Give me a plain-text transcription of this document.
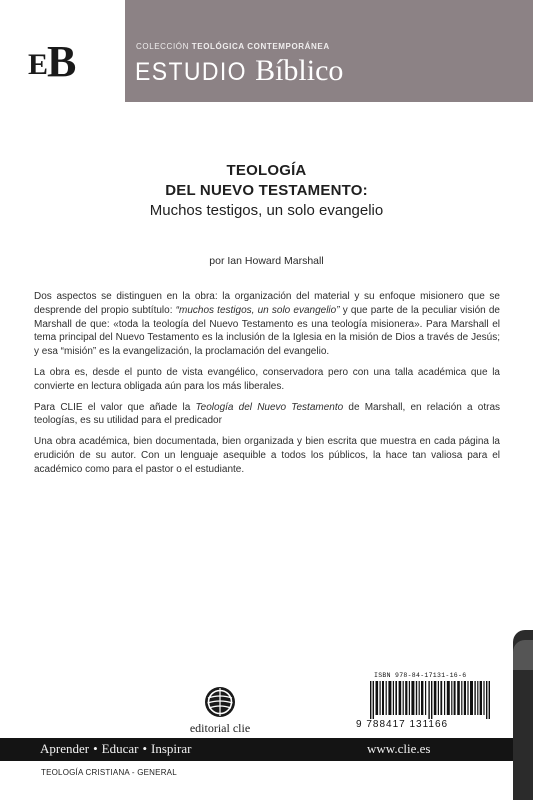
EB	COLECCIÓN TEOLÓGICA CONTEMPORÁNEA
ESTUDIO Bíblico
TEOLOGÍA
DEL NUEVO TESTAMENTO:
Muchos testigos, un solo evangelio
por Ian Howard Marshall

Dos aspectos se distinguen en la obra: la organización del material y su enfoque misionero que se desprende del propio subtítulo: “muchos testigos, un solo evangelio” y que parte de la peculiar visión de Marshall de que: «toda la teología del Nuevo Testamento es una teología misionera». Para Marshall el tema principal del Nuevo Testamento es la inclusión de la Iglesia en la misión de Dios a través de Jesús; y esa “misión” es la evangelización, la proclamación del evangelio.

La obra es, desde el punto de vista evangélico, conservadora pero con una talla académica que la convierte en lectura obligada aún para los más liberales.

Para CLIE el valor que añade la Teología del Nuevo Testamento de Marshall, en relación a otras teologías, es su utilidad para el predicador

Una obra académica, bien documentada, bien organizada y bien escrita que muestra en cada página la erudición de su autor. Con un lenguaje asequible a todos los públicos, la hace tan valiosa para el académico como para el pastor o el estudiante.

editorial clie
ISBN 978-84-17131-16-6
9 788417 131166
Aprender • Educar • Inspirar	www.clie.es
TEOLOGÍA CRISTIANA - GENERAL
